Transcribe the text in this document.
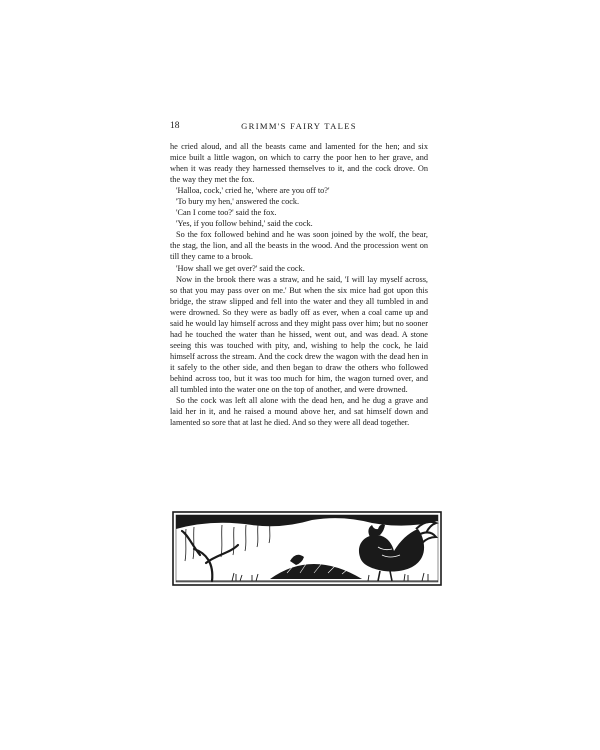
18	GRIMM'S FAIRY TALES

he cried aloud, and all the beasts came and lamented for the hen; and six mice built a little wagon, on which to carry the poor hen to her grave, and when it was ready they harnessed themselves to it, and the cock drove. On the way they met the fox.

'Halloa, cock,' cried he, 'where are you off to?'

'To bury my hen,' answered the cock.

'Can I come too?' said the fox.

'Yes, if you follow behind,' said the cock.

So the fox followed behind and he was soon joined by the wolf, the bear, the stag, the lion, and all the beasts in the wood. And the procession went on till they came to a brook.

'How shall we get over?' said the cock.

Now in the brook there was a straw, and he said, 'I will lay myself across, so that you may pass over on me.' But when the six mice had got upon this bridge, the straw slipped and fell into the water and they all tumbled in and were drowned. So they were as badly off as ever, when a coal came up and said he would lay himself across and they might pass over him; but no sooner had he touched the water than he hissed, went out, and was dead. A stone seeing this was touched with pity, and, wishing to help the cock, he laid himself across the stream. And the cock drew the wagon with the dead hen in it safely to the other side, and then began to draw the others who followed behind across too, but it was too much for him, the wagon turned over, and all tumbled into the water one on the top of another, and were drowned.

So the cock was left all alone with the dead hen, and he dug a grave and laid her in it, and he raised a mound above her, and sat himself down and lamented so sore that at last he died. And so they were all dead together.
